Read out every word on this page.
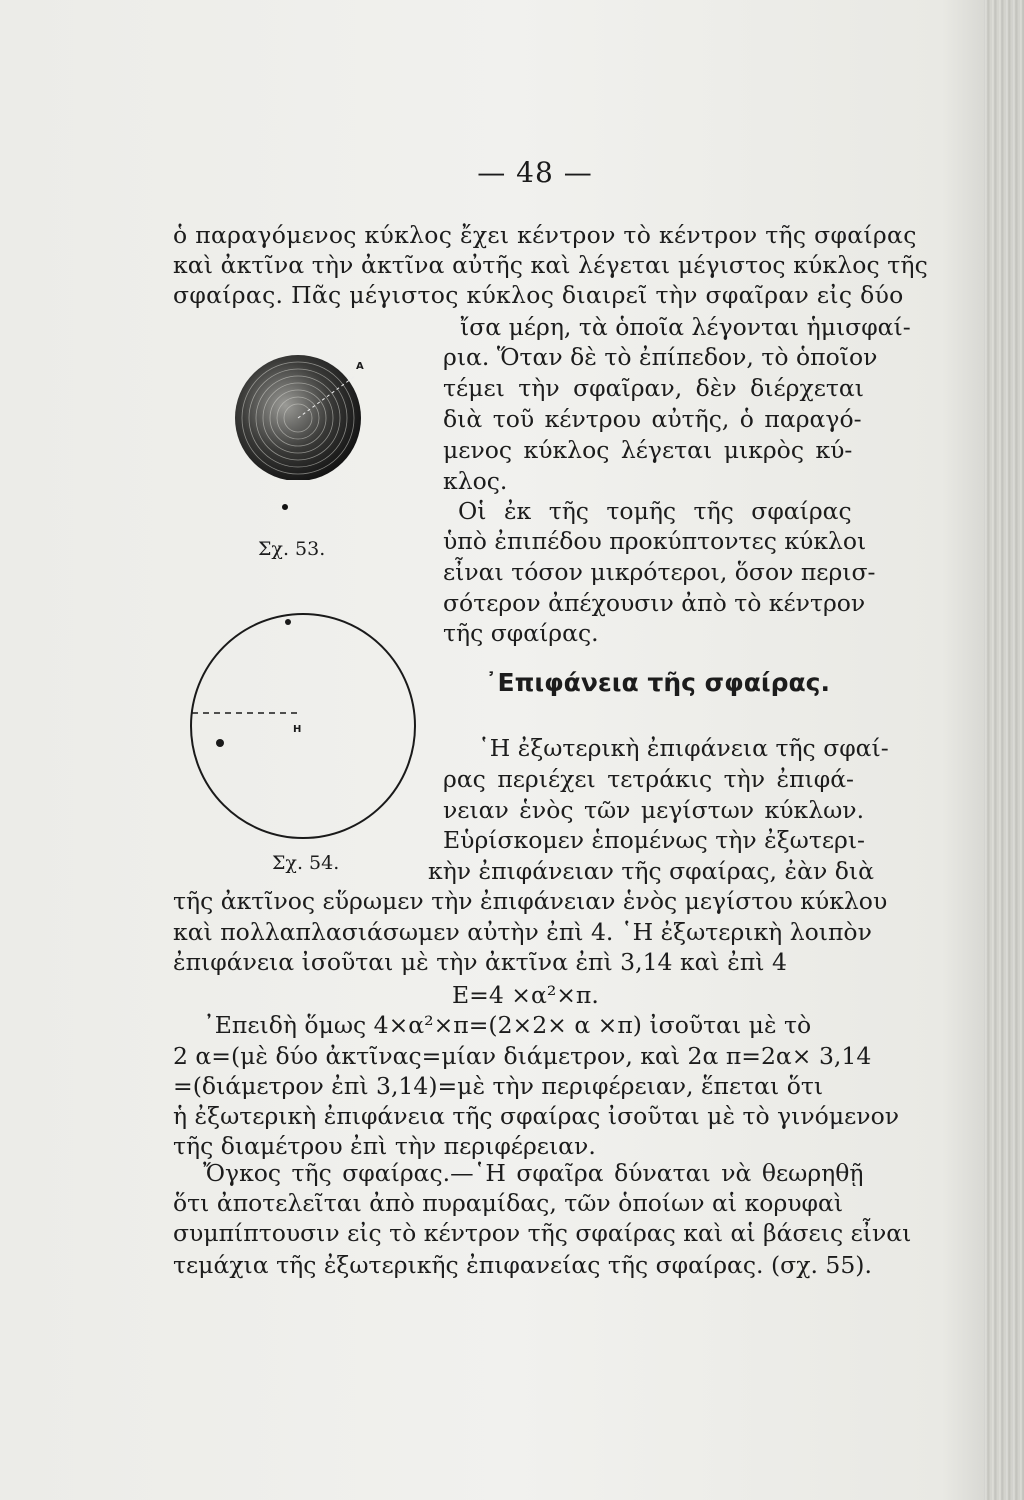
— 48 —
ὁ παραγόμενος κύκλος ἔχει κέντρον τὸ κέντρον τῆς σφαίρας
καὶ ἀκτῖνα τὴν ἀκτῖνα αὐτῆς καὶ λέγεται μέγιστος κύκλος τῆς
σφαίρας. Πᾶς μέγιστος κύκλος διαιρεῖ τὴν σφαῖραν εἰς δύο
ἴσα μέρη, τὰ ὁποῖα λέγονται ἡμισφαί-
ρια. Ὅταν δὲ τὸ ἐπίπεδον, τὸ ὁποῖον
τέμει τὴν σφαῖραν, δὲν διέρχεται
διὰ τοῦ κέντρου αὐτῆς, ὁ παραγό-
μενος κύκλος λέγεται μικρὸς κύ-
κλος.
Οἱ ἐκ τῆς τομῆς τῆς σφαίρας
ὑπὸ ἐπιπέδου προκύπτοντες κύκλοι
εἶναι τόσον μικρότεροι, ὅσον περισ-
σότερον ἀπέχουσιν ἀπὸ τὸ κέντρον
τῆς σφαίρας.
᾿Επιφάνεια τῆς σφαίρας.
῾Η ἐξωτερικὴ ἐπιφάνεια τῆς σφαί-
ρας περιέχει τετράκις τὴν ἐπιφά-
νειαν ἑνὸς τῶν μεγίστων κύκλων.
Εὑρίσκομεν ἑπομένως τὴν ἐξωτερι-
κὴν ἐπιφάνειαν τῆς σφαίρας, ἐὰν διὰ
τῆς ἀκτῖνος εὕρωμεν τὴν ἐπιφάνειαν ἑνὸς μεγίστου κύκλου
καὶ πολλαπλασιάσωμεν αὐτὴν ἐπὶ 4. ῾Η ἐξωτερικὴ λοιπὸν
ἐπιφάνεια ἰσοῦται μὲ τὴν ἀκτῖνα ἐπὶ 3,14 καὶ ἐπὶ 4
Ε=4 ×α²×π.
᾿Επειδὴ ὅμως 4×α²×π=(2×2× α ×π) ἰσοῦται μὲ τὸ
2 α=(μὲ δύο ἀκτῖνας=μίαν διάμετρον, καὶ 2α π=2α× 3,14
=(διάμετρον ἐπὶ 3,14)=μὲ τὴν περιφέρειαν, ἕπεται ὅτι
ἡ ἐξωτερικὴ ἐπιφάνεια τῆς σφαίρας ἰσοῦται μὲ τὸ γινόμενον
τῆς διαμέτρου ἐπὶ τὴν περιφέρειαν.
Ὄγκος τῆς σφαίρας.—῾Η σφαῖρα δύναται νὰ θεωρηθῇ
ὅτι ἀποτελεῖται ἀπὸ πυραμίδας, τῶν ὁποίων αἱ κορυφαὶ
συμπίπτουσιν εἰς τὸ κέντρον τῆς σφαίρας καὶ αἱ βάσεις εἶναι
τεμάχια τῆς ἐξωτερικῆς ἐπιφανείας τῆς σφαίρας. (σχ. 55).
Α
Σχ. 53.
Η
Σχ. 54.
